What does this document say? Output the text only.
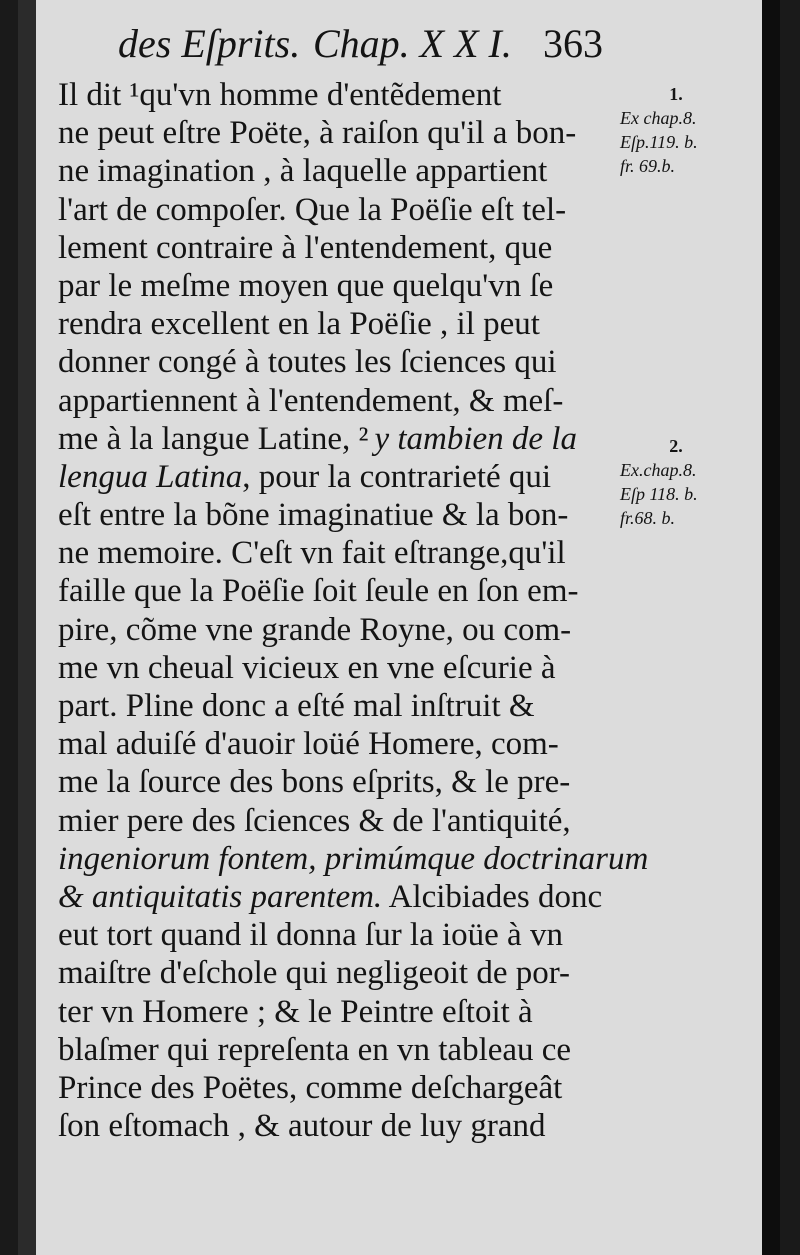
des Eſprits. Chap. X X I. 363
Il dit ¹qu'vn homme d'entẽdement
ne peut eſtre Poëte, à raiſon qu'il a bon-
ne imagination , à laquelle appartient
l'art de compoſer. Que la Poëſie eſt tel-
lement contraire à l'entendement, que
par le meſme moyen que quelqu'vn ſe
rendra excellent en la Poëſie , il peut
donner congé à toutes les ſciences qui
appartiennent à l'entendement, & meſ-
me à la langue Latine, ² y tambien de la
lengua Latina, pour la contrarieté qui
eſt entre la bõne imaginatiue & la bon-
ne memoire. C'eſt vn fait eſtrange,qu'il
faille que la Poëſie ſoit ſeule en ſon em-
pire, cõme vne grande Royne, ou com-
me vn cheual vicieux en vne eſcurie à
part. Pline donc a eſté mal inſtruit &
mal aduiſé d'auoir loüé Homere, com-
me la ſource des bons eſprits, & le pre-
mier pere des ſciences & de l'antiquité,
ingeniorum fontem, primúmque doctrinarum
& antiquitatis parentem. Alcibiades donc
eut tort quand il donna ſur la ioüe à vn
maiſtre d'eſchole qui negligeoit de por-
ter vn Homere ; & le Peintre eſtoit à
blaſmer qui repreſenta en vn tableau ce
Prince des Poëtes, comme deſchargeât
ſon eſtomach , & autour de luy grand
1.
Ex chap.8.
Eſp.119. b.
fr. 69.b.
2.
Ex.chap.8.
Eſp 118. b.
fr.68. b.
